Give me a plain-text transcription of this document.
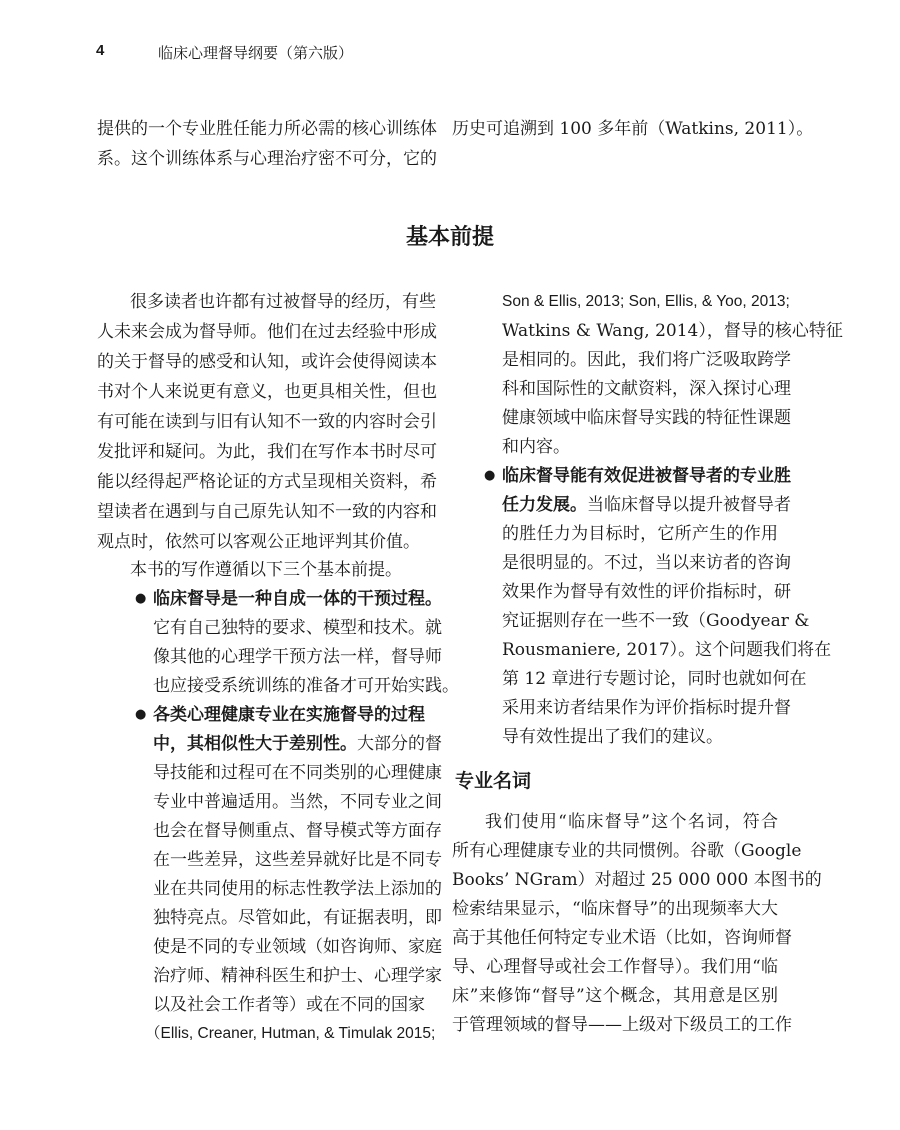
4	临床心理督导纲要（第六版）
提供的一个专业胜任能力所必需的核心训练体
系。这个训练体系与心理治疗密不可分，它的
历史可追溯到 100 多年前（Watkins, 2011）。
基本前提
很多读者也许都有过被督导的经历，有些
人未来会成为督导师。他们在过去经验中形成
的关于督导的感受和认知，或许会使得阅读本
书对个人来说更有意义，也更具相关性，但也
有可能在读到与旧有认知不一致的内容时会引
发批评和疑问。为此，我们在写作本书时尽可
能以经得起严格论证的方式呈现相关资料，希
望读者在遇到与自己原先认知不一致的内容和
观点时，依然可以客观公正地评判其价值。
本书的写作遵循以下三个基本前提。
● 临床督导是一种自成一体的干预过程。
它有自己独特的要求、模型和技术。就
像其他的心理学干预方法一样，督导师
也应接受系统训练的准备才可开始实践。
● 各类心理健康专业在实施督导的过程
中，其相似性大于差别性。大部分的督
导技能和过程可在不同类别的心理健康
专业中普遍适用。当然，不同专业之间
也会在督导侧重点、督导模式等方面存
在一些差异，这些差异就好比是不同专
业在共同使用的标志性教学法上添加的
独特亮点。尽管如此，有证据表明，即
使是不同的专业领域（如咨询师、家庭
治疗师、精神科医生和护士、心理学家
以及社会工作者等）或在不同的国家
（Ellis, Creaner, Hutman, & Timulak 2015;
Son & Ellis, 2013; Son, Ellis, & Yoo, 2013;
Watkins & Wang, 2014），督导的核心特征
是相同的。因此，我们将广泛吸取跨学
科和国际性的文献资料，深入探讨心理
健康领域中临床督导实践的特征性课题
和内容。
● 临床督导能有效促进被督导者的专业胜
任力发展。当临床督导以提升被督导者
的胜任力为目标时，它所产生的作用
是很明显的。不过，当以来访者的咨询
效果作为督导有效性的评价指标时，研
究证据则存在一些不一致（Goodyear &
Rousmaniere, 2017）。这个问题我们将在
第 12 章进行专题讨论，同时也就如何在
采用来访者结果作为评价指标时提升督
导有效性提出了我们的建议。
专业名词
我们使用“临床督导”这个名词，符合
所有心理健康专业的共同惯例。谷歌（Google
Books’ NGram）对超过 25 000 000 本图书的
检索结果显示，“临床督导”的出现频率大大
高于其他任何特定专业术语（比如，咨询师督
导、心理督导或社会工作督导）。我们用“临
床”来修饰“督导”这个概念，其用意是区别
于管理领域的督导——上级对下级员工的工作
